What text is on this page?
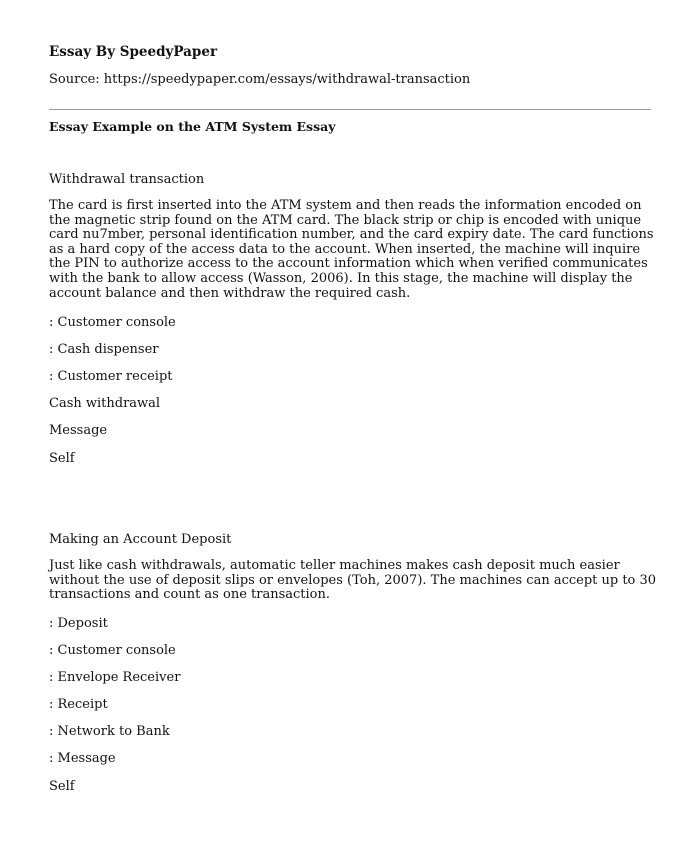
Essay By SpeedyPaper

Source: https://speedypaper.com/essays/withdrawal-transaction

Essay Example on the ATM System Essay

Withdrawal transaction

The card is first inserted into the ATM system and then reads the information encoded on the magnetic strip found on the ATM card. The black strip or chip is encoded with unique card nu7mber, personal identification number, and the card expiry date. The card functions as a hard copy of the access data to the account. When inserted, the machine will inquire the PIN to authorize access to the account information which when verified communicates with the bank to allow access (Wasson, 2006). In this stage, the machine will display the account balance and then withdraw the required cash.

: Customer console

: Cash dispenser

: Customer receipt

Cash withdrawal

Message

Self

Making an Account Deposit

Just like cash withdrawals, automatic teller machines makes cash deposit much easier without the use of deposit slips or envelopes (Toh, 2007). The machines can accept up to 30 transactions and count as one transaction.

: Deposit

: Customer console

: Envelope Receiver

: Receipt

: Network to Bank

: Message

Self
